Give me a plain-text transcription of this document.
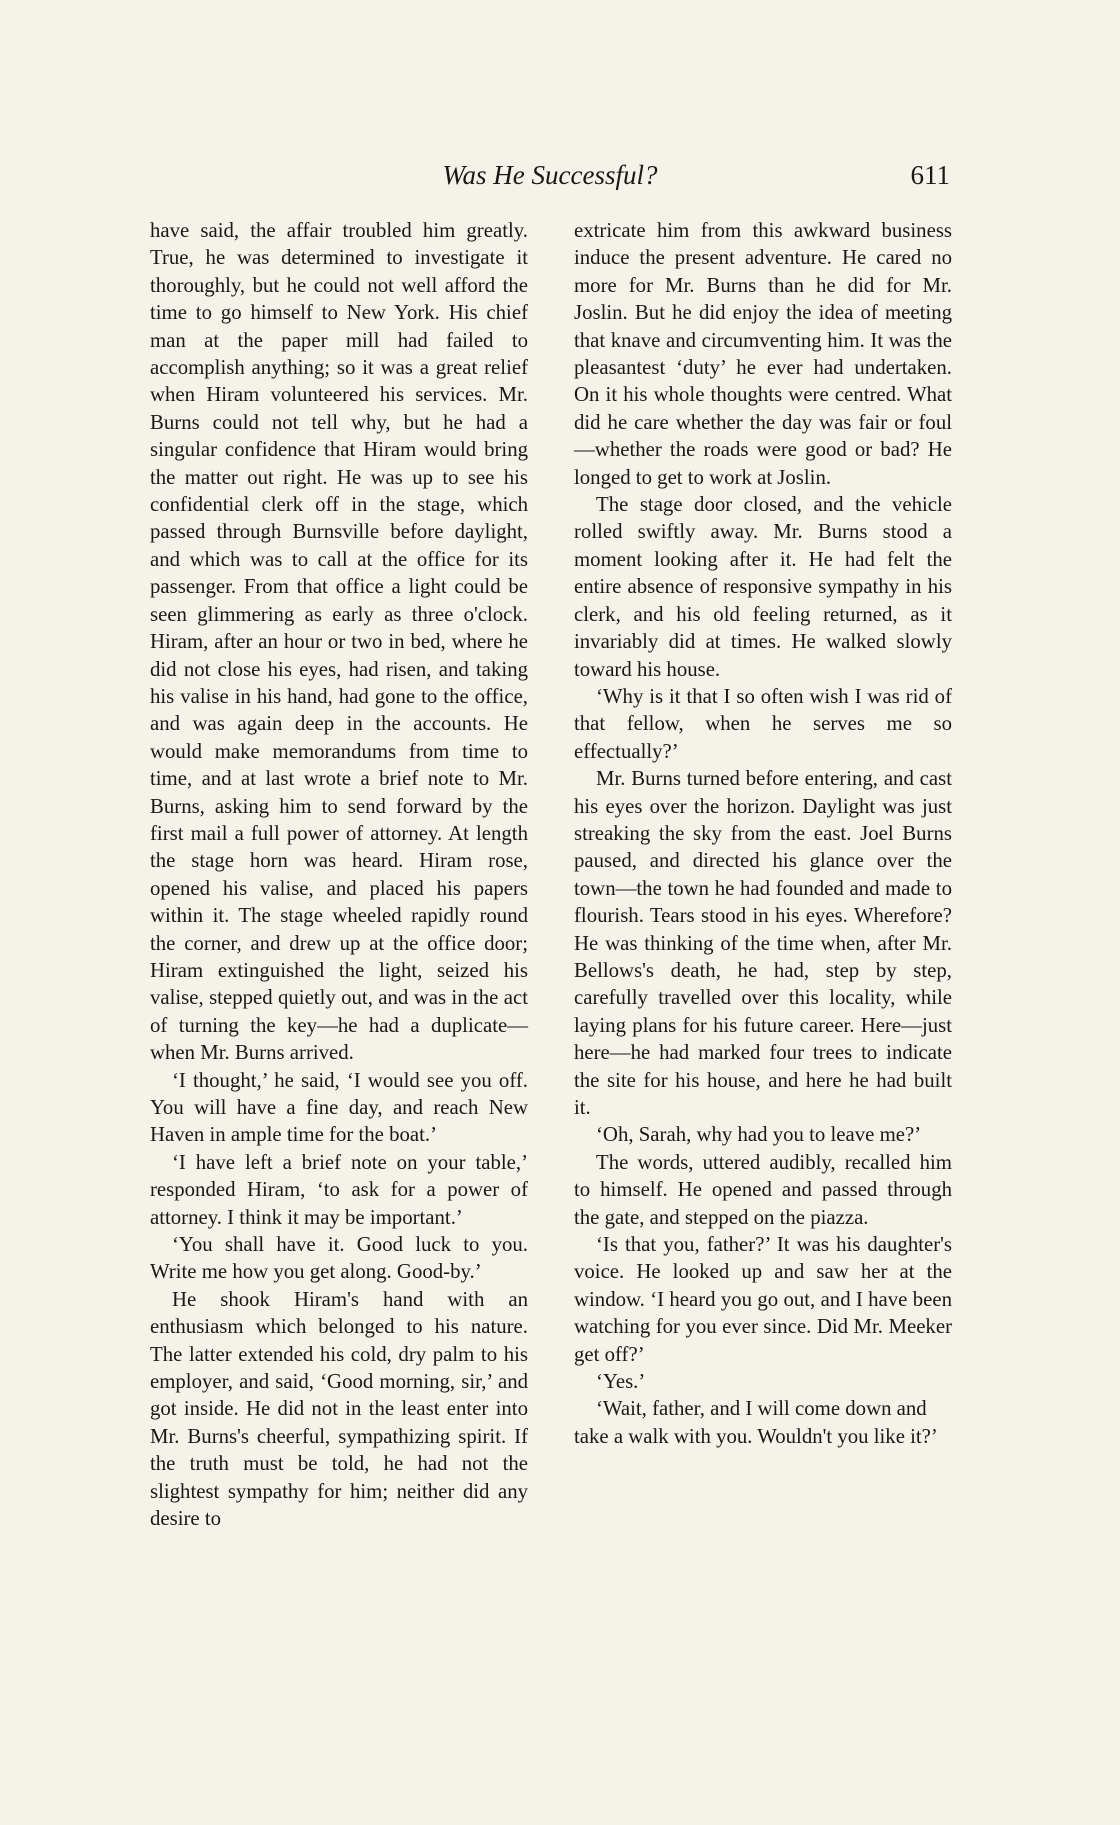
Was He Successful?	611

have said, the affair troubled him greatly. True, he was determined to investigate it thoroughly, but he could not well afford the time to go himself to New York. His chief man at the paper mill had failed to accomplish anything; so it was a great relief when Hiram volunteered his services. Mr. Burns could not tell why, but he had a singular confidence that Hiram would bring the matter out right. He was up to see his confidential clerk off in the stage, which passed through Burnsville before daylight, and which was to call at the office for its passenger. From that office a light could be seen glimmering as early as three o'clock. Hiram, after an hour or two in bed, where he did not close his eyes, had risen, and taking his valise in his hand, had gone to the office, and was again deep in the accounts. He would make memorandums from time to time, and at last wrote a brief note to Mr. Burns, asking him to send forward by the first mail a full power of attorney. At length the stage horn was heard. Hiram rose, opened his valise, and placed his papers within it. The stage wheeled rapidly round the corner, and drew up at the office door; Hiram extinguished the light, seized his valise, stepped quietly out, and was in the act of turning the key—he had a duplicate—when Mr. Burns arrived.

‘I thought,’ he said, ‘I would see you off. You will have a fine day, and reach New Haven in ample time for the boat.’

‘I have left a brief note on your table,’ responded Hiram, ‘to ask for a power of attorney. I think it may be important.’

‘You shall have it. Good luck to you. Write me how you get along. Good-by.’

He shook Hiram's hand with an enthusiasm which belonged to his nature. The latter extended his cold, dry palm to his employer, and said, ‘Good morning, sir,’ and got inside. He did not in the least enter into Mr. Burns's cheerful, sympathizing spirit. If the truth must be told, he had not the slightest sympathy for him; neither did any desire to

extricate him from this awkward business induce the present adventure. He cared no more for Mr. Burns than he did for Mr. Joslin. But he did enjoy the idea of meeting that knave and circumventing him. It was the pleasantest ‘duty’ he ever had undertaken. On it his whole thoughts were centred. What did he care whether the day was fair or foul—whether the roads were good or bad? He longed to get to work at Joslin.

The stage door closed, and the vehicle rolled swiftly away. Mr. Burns stood a moment looking after it. He had felt the entire absence of responsive sympathy in his clerk, and his old feeling returned, as it invariably did at times. He walked slowly toward his house.

‘Why is it that I so often wish I was rid of that fellow, when he serves me so effectually?’

Mr. Burns turned before entering, and cast his eyes over the horizon. Daylight was just streaking the sky from the east. Joel Burns paused, and directed his glance over the town—the town he had founded and made to flourish. Tears stood in his eyes. Wherefore? He was thinking of the time when, after Mr. Bellows's death, he had, step by step, carefully travelled over this locality, while laying plans for his future career. Here—just here—he had marked four trees to indicate the site for his house, and here he had built it.

‘Oh, Sarah, why had you to leave me?’

The words, uttered audibly, recalled him to himself. He opened and passed through the gate, and stepped on the piazza.

‘Is that you, father?’ It was his daughter's voice. He looked up and saw her at the window. ‘I heard you go out, and I have been watching for you ever since. Did Mr. Meeker get off?’

‘Yes.’

‘Wait, father, and I will come down and take a walk with you. Wouldn't you like it?’
